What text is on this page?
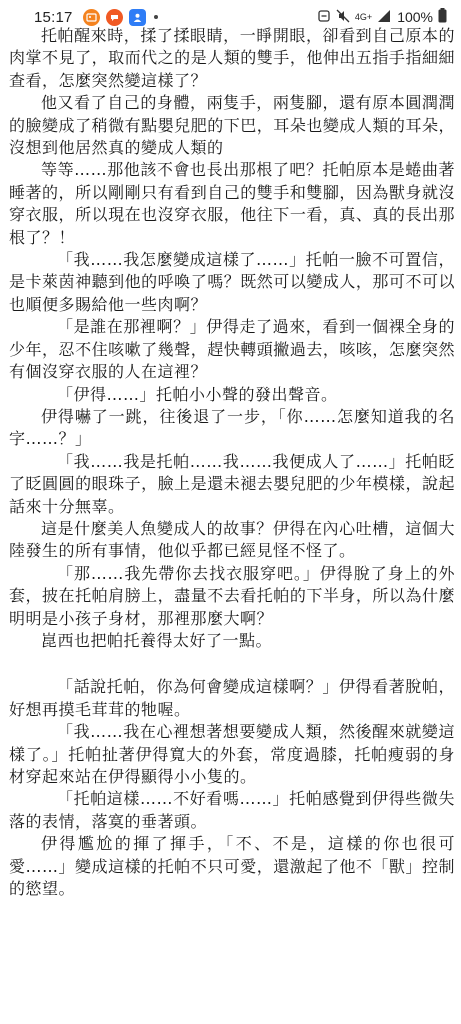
15:17	4G+ 100%

托帕醒來時，揉了揉眼睛，一睜開眼，卻看到自己原本的肉掌不見了，取而代之的是人類的雙手，他伸出五指手指細細查看，怎麼突然變這樣了？

他又看了自己的身體，兩隻手，兩隻腳，還有原本圓潤潤的臉變成了稍微有點嬰兒肥的下巴，耳朵也變成人類的耳朵，沒想到他居然真的變成人類的

等等……那他該不會也長出那根了吧？托帕原本是蜷曲著睡著的，所以剛剛只有看到自己的雙手和雙腳，因為獸身就沒穿衣服，所以現在也沒穿衣服，他往下一看，真、真的長出那根了？！

「我……我怎麼變成這樣了……」托帕一臉不可置信，是卡萊茵神聽到他的呼喚了嗎？既然可以變成人，那可不可以也順便多賜給他一些肉啊？

「是誰在那裡啊？」伊得走了過來，看到一個裸全身的少年，忍不住咳嗽了幾聲，趕快轉頭撇過去，咳咳，怎麼突然有個沒穿衣服的人在這裡？

「伊得……」托帕小小聲的發出聲音。

伊得嚇了一跳，往後退了一步，「你……怎麼知道我的名字……？」

「我……我是托帕……我……我便成人了……」托帕眨了眨圓圓的眼珠子，臉上是還未褪去嬰兒肥的少年模樣，說起話來十分無辜。

這是什麼美人魚變成人的故事？伊得在內心吐槽，這個大陸發生的所有事情，他似乎都已經見怪不怪了。

「那……我先帶你去找衣服穿吧。」伊得脫了身上的外套，披在托帕肩膀上，盡量不去看托帕的下半身，所以為什麼明明是小孩子身材，那裡那麼大啊？

崑西也把帕托養得太好了一點。

「話說托帕，你為何會變成這樣啊？」伊得看著脫帕，好想再摸毛茸茸的牠喔。

「我……我在心裡想著想要變成人類，然後醒來就變這樣了。」托帕扯著伊得寬大的外套，常度過膝，托帕瘦弱的身材穿起來站在伊得顯得小小隻的。

「托帕這樣……不好看嗎……」托帕感覺到伊得些微失落的表情，落寞的垂著頭。

伊得尷尬的揮了揮手，「不、不是，這樣的你也很可愛……」變成這樣的托帕不只可愛，還激起了他不「獸」控制的慾望。
